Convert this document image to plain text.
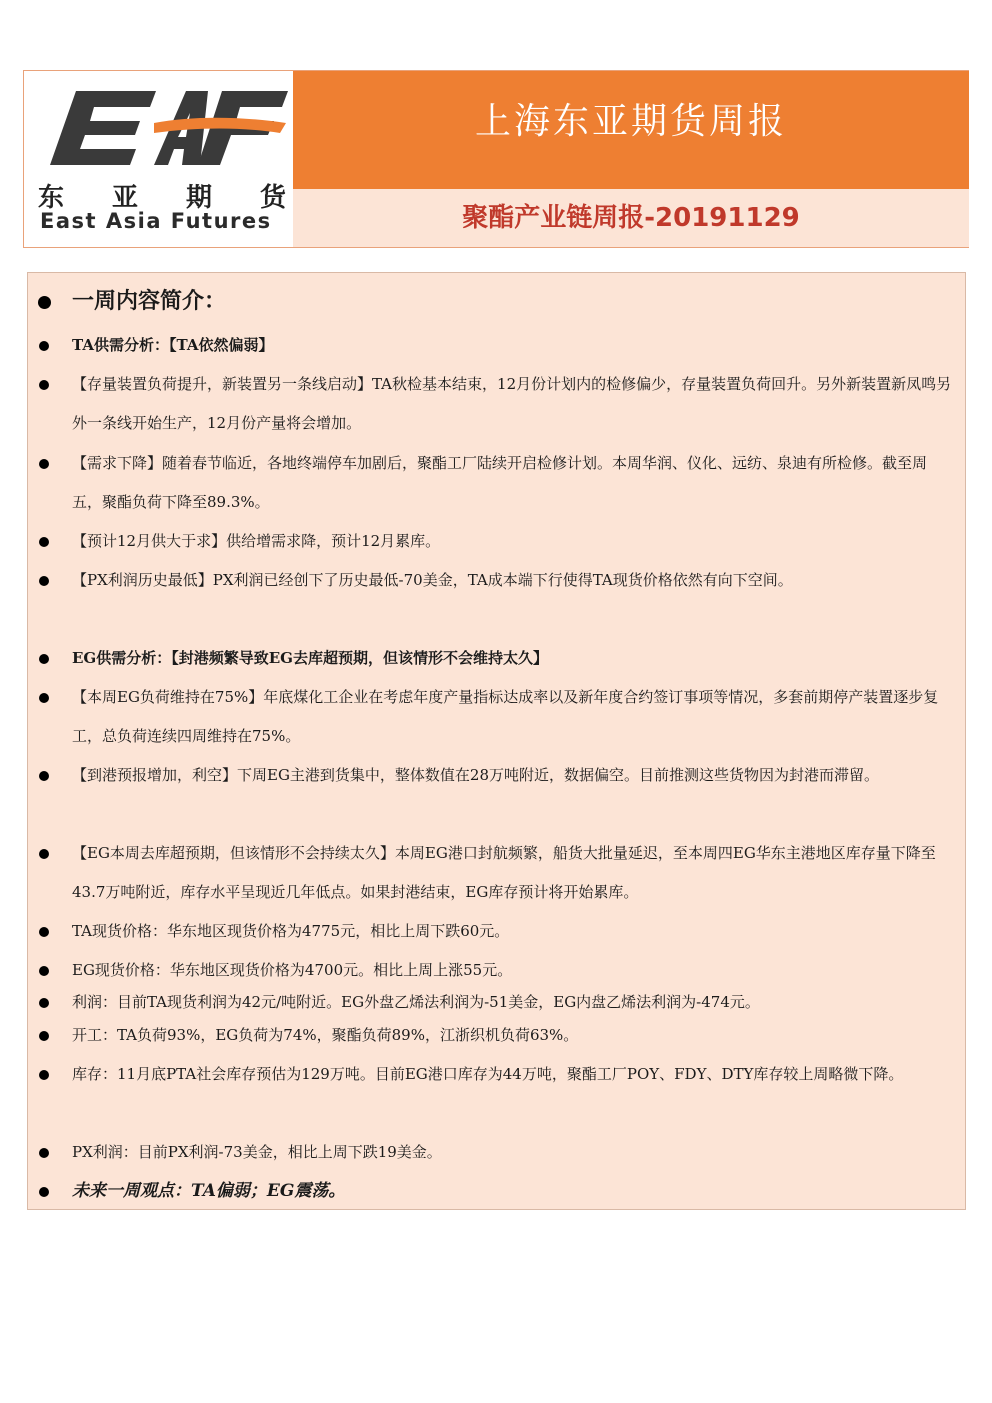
东 亚 期 货
East Asia Futures
上海东亚期货周报
聚酯产业链周报-20191129
一周内容简介：
TA供需分析：【TA依然偏弱】
【存量装置负荷提升，新装置另一条线启动】TA秋检基本结束，12月份计划内的检修偏少，存量装置负荷回升。另外新装置新凤鸣另外一条线开始生产，12月份产量将会增加。
【需求下降】随着春节临近，各地终端停车加剧后，聚酯工厂陆续开启检修计划。本周华润、仪化、远纺、泉迪有所检修。截至周五，聚酯负荷下降至89.3%。
【预计12月供大于求】供给增需求降，预计12月累库。
【PX利润历史最低】PX利润已经创下了历史最低-70美金，TA成本端下行使得TA现货价格依然有向下空间。
EG供需分析：【封港频繁导致EG去库超预期，但该情形不会维持太久】
【本周EG负荷维持在75%】年底煤化工企业在考虑年度产量指标达成率以及新年度合约签订事项等情况，多套前期停产装置逐步复工，总负荷连续四周维持在75%。
【到港预报增加，利空】下周EG主港到货集中，整体数值在28万吨附近，数据偏空。目前推测这些货物因为封港而滞留。
【EG本周去库超预期，但该情形不会持续太久】本周EG港口封航频繁，船货大批量延迟，至本周四EG华东主港地区库存量下降至43.7万吨附近，库存水平呈现近几年低点。如果封港结束，EG库存预计将开始累库。
TA现货价格：华东地区现货价格为4775元，相比上周下跌60元。
EG现货价格：华东地区现货价格为4700元。相比上周上涨55元。
利润：目前TA现货利润为42元/吨附近。EG外盘乙烯法利润为-51美金，EG内盘乙烯法利润为-474元。
开工：TA负荷93%，EG负荷为74%，聚酯负荷89%，江浙织机负荷63%。
库存：11月底PTA社会库存预估为129万吨。目前EG港口库存为44万吨，聚酯工厂POY、FDY、DTY库存较上周略微下降。
PX利润：目前PX利润-73美金，相比上周下跌19美金。
未来一周观点：TA偏弱；EG震荡。
